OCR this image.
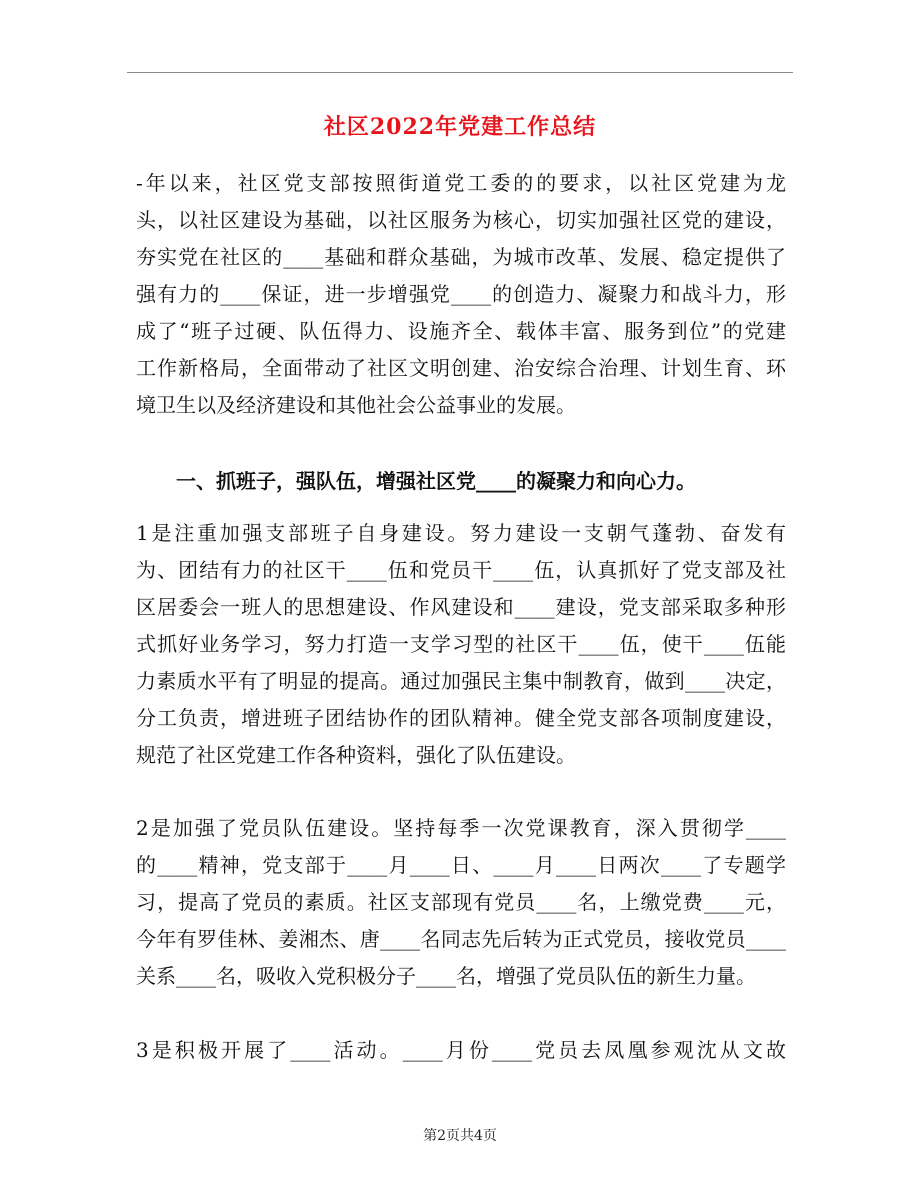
社区2022年党建工作总结
-年以来，社区党支部按照街道党工委的的要求，以社区党建为龙
头，以社区建设为基础，以社区服务为核心，切实加强社区党的建设，
夯实党在社区的____基础和群众基础，为城市改革、发展、稳定提供了
强有力的____保证，进一步增强党____的创造力、凝聚力和战斗力，形
成了“班子过硬、队伍得力、设施齐全、载体丰富、服务到位”的党建
工作新格局，全面带动了社区文明创建、治安综合治理、计划生育、环
境卫生以及经济建设和其他社会公益事业的发展。
一、抓班子，强队伍，增强社区党____的凝聚力和向心力。
1是注重加强支部班子自身建设。努力建设一支朝气蓬勃、奋发有
为、团结有力的社区干____伍和党员干____伍，认真抓好了党支部及社
区居委会一班人的思想建设、作风建设和____建设，党支部采取多种形
式抓好业务学习，努力打造一支学习型的社区干____伍，使干____伍能
力素质水平有了明显的提高。通过加强民主集中制教育，做到____决定，
分工负责，增进班子团结协作的团队精神。健全党支部各项制度建设，
规范了社区党建工作各种资料，强化了队伍建设。
2是加强了党员队伍建设。坚持每季一次党课教育，深入贯彻学____
的____精神，党支部于____月____日、____月____日两次____了专题学
习，提高了党员的素质。社区支部现有党员____名，上缴党费____元，
今年有罗佳林、姜湘杰、唐____名同志先后转为正式党员，接收党员____
关系____名，吸收入党积极分子____名，增强了党员队伍的新生力量。
3是积极开展了____活动。____月份____党员去凤凰参观沈从文故
第2页共4页
